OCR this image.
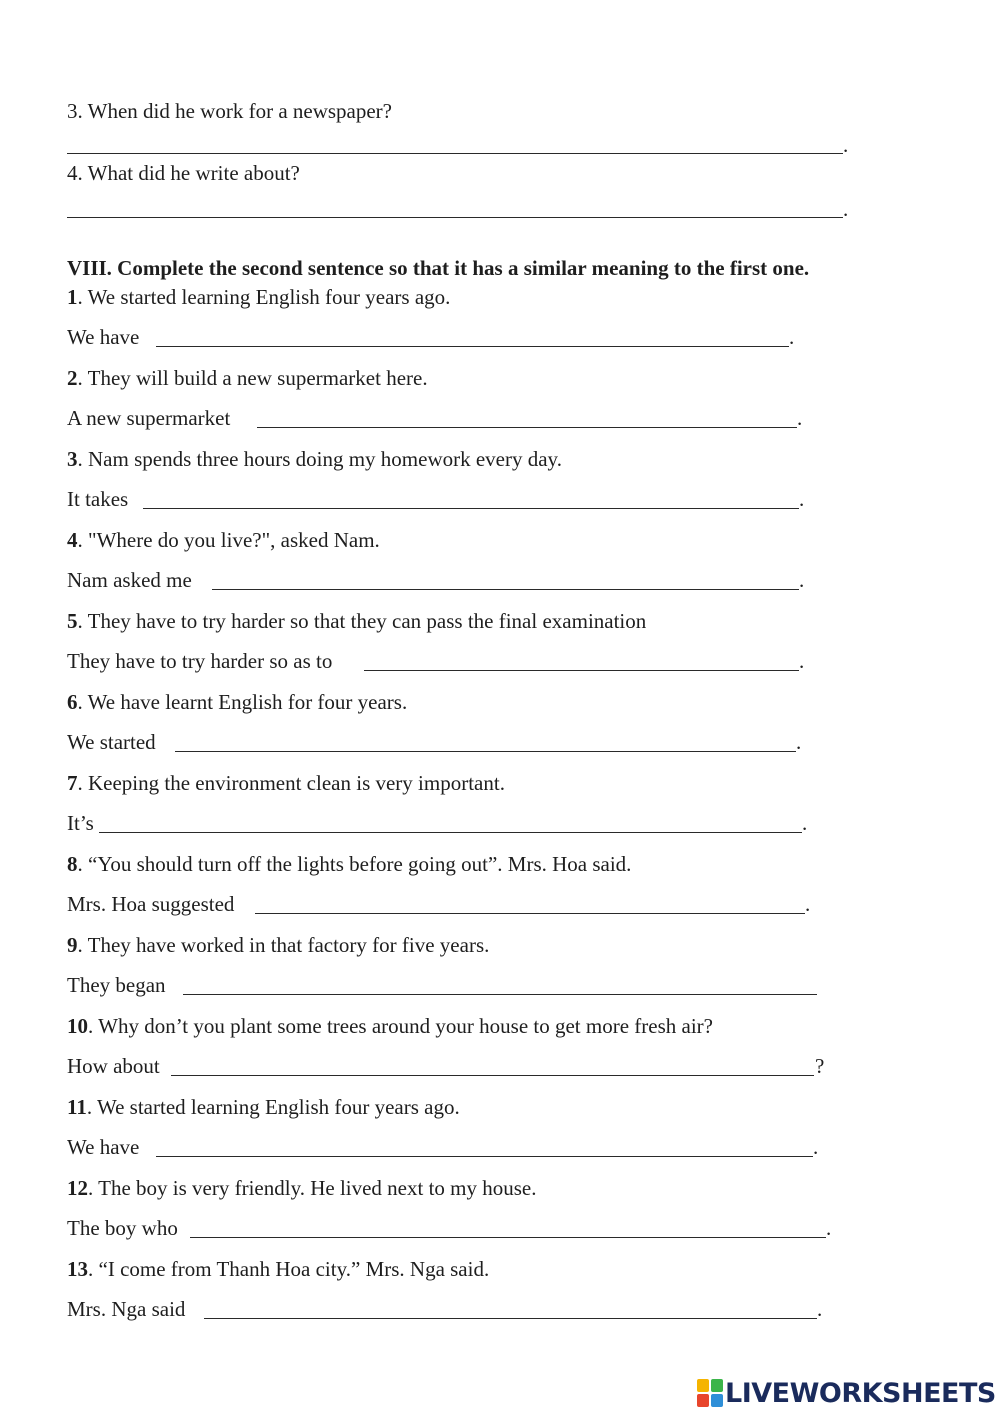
3. When did he work for a newspaper?
.
4. What did he write about?
.
VIII. Complete the second sentence so that it has a similar meaning to the first one.
1. We started learning English four years ago.
We have	.
2. They will build a new supermarket here.
A new supermarket	.
3. Nam spends three hours doing my homework every day.
It takes	.
4. "Where do you live?", asked Nam.
Nam asked me	.
5. They have to try harder so that they can pass the final examination
They have to try harder so as to	.
6. We have learnt English for four years.
We started	.
7. Keeping the environment clean is very important.
It’s	.
8. “You should turn off the lights before going out”. Mrs. Hoa said.
Mrs. Hoa suggested	.
9. They have worked in that factory for five years.
They began
10. Why don’t you plant some trees around your house to get more fresh air?
How about	?
11. We started learning English four years ago.
We have	.
12. The boy is very friendly. He lived next to my house.
The boy who	.
13. “I come from Thanh Hoa city.” Mrs. Nga said.
Mrs. Nga said	.
LIVEWORKSHEETS
